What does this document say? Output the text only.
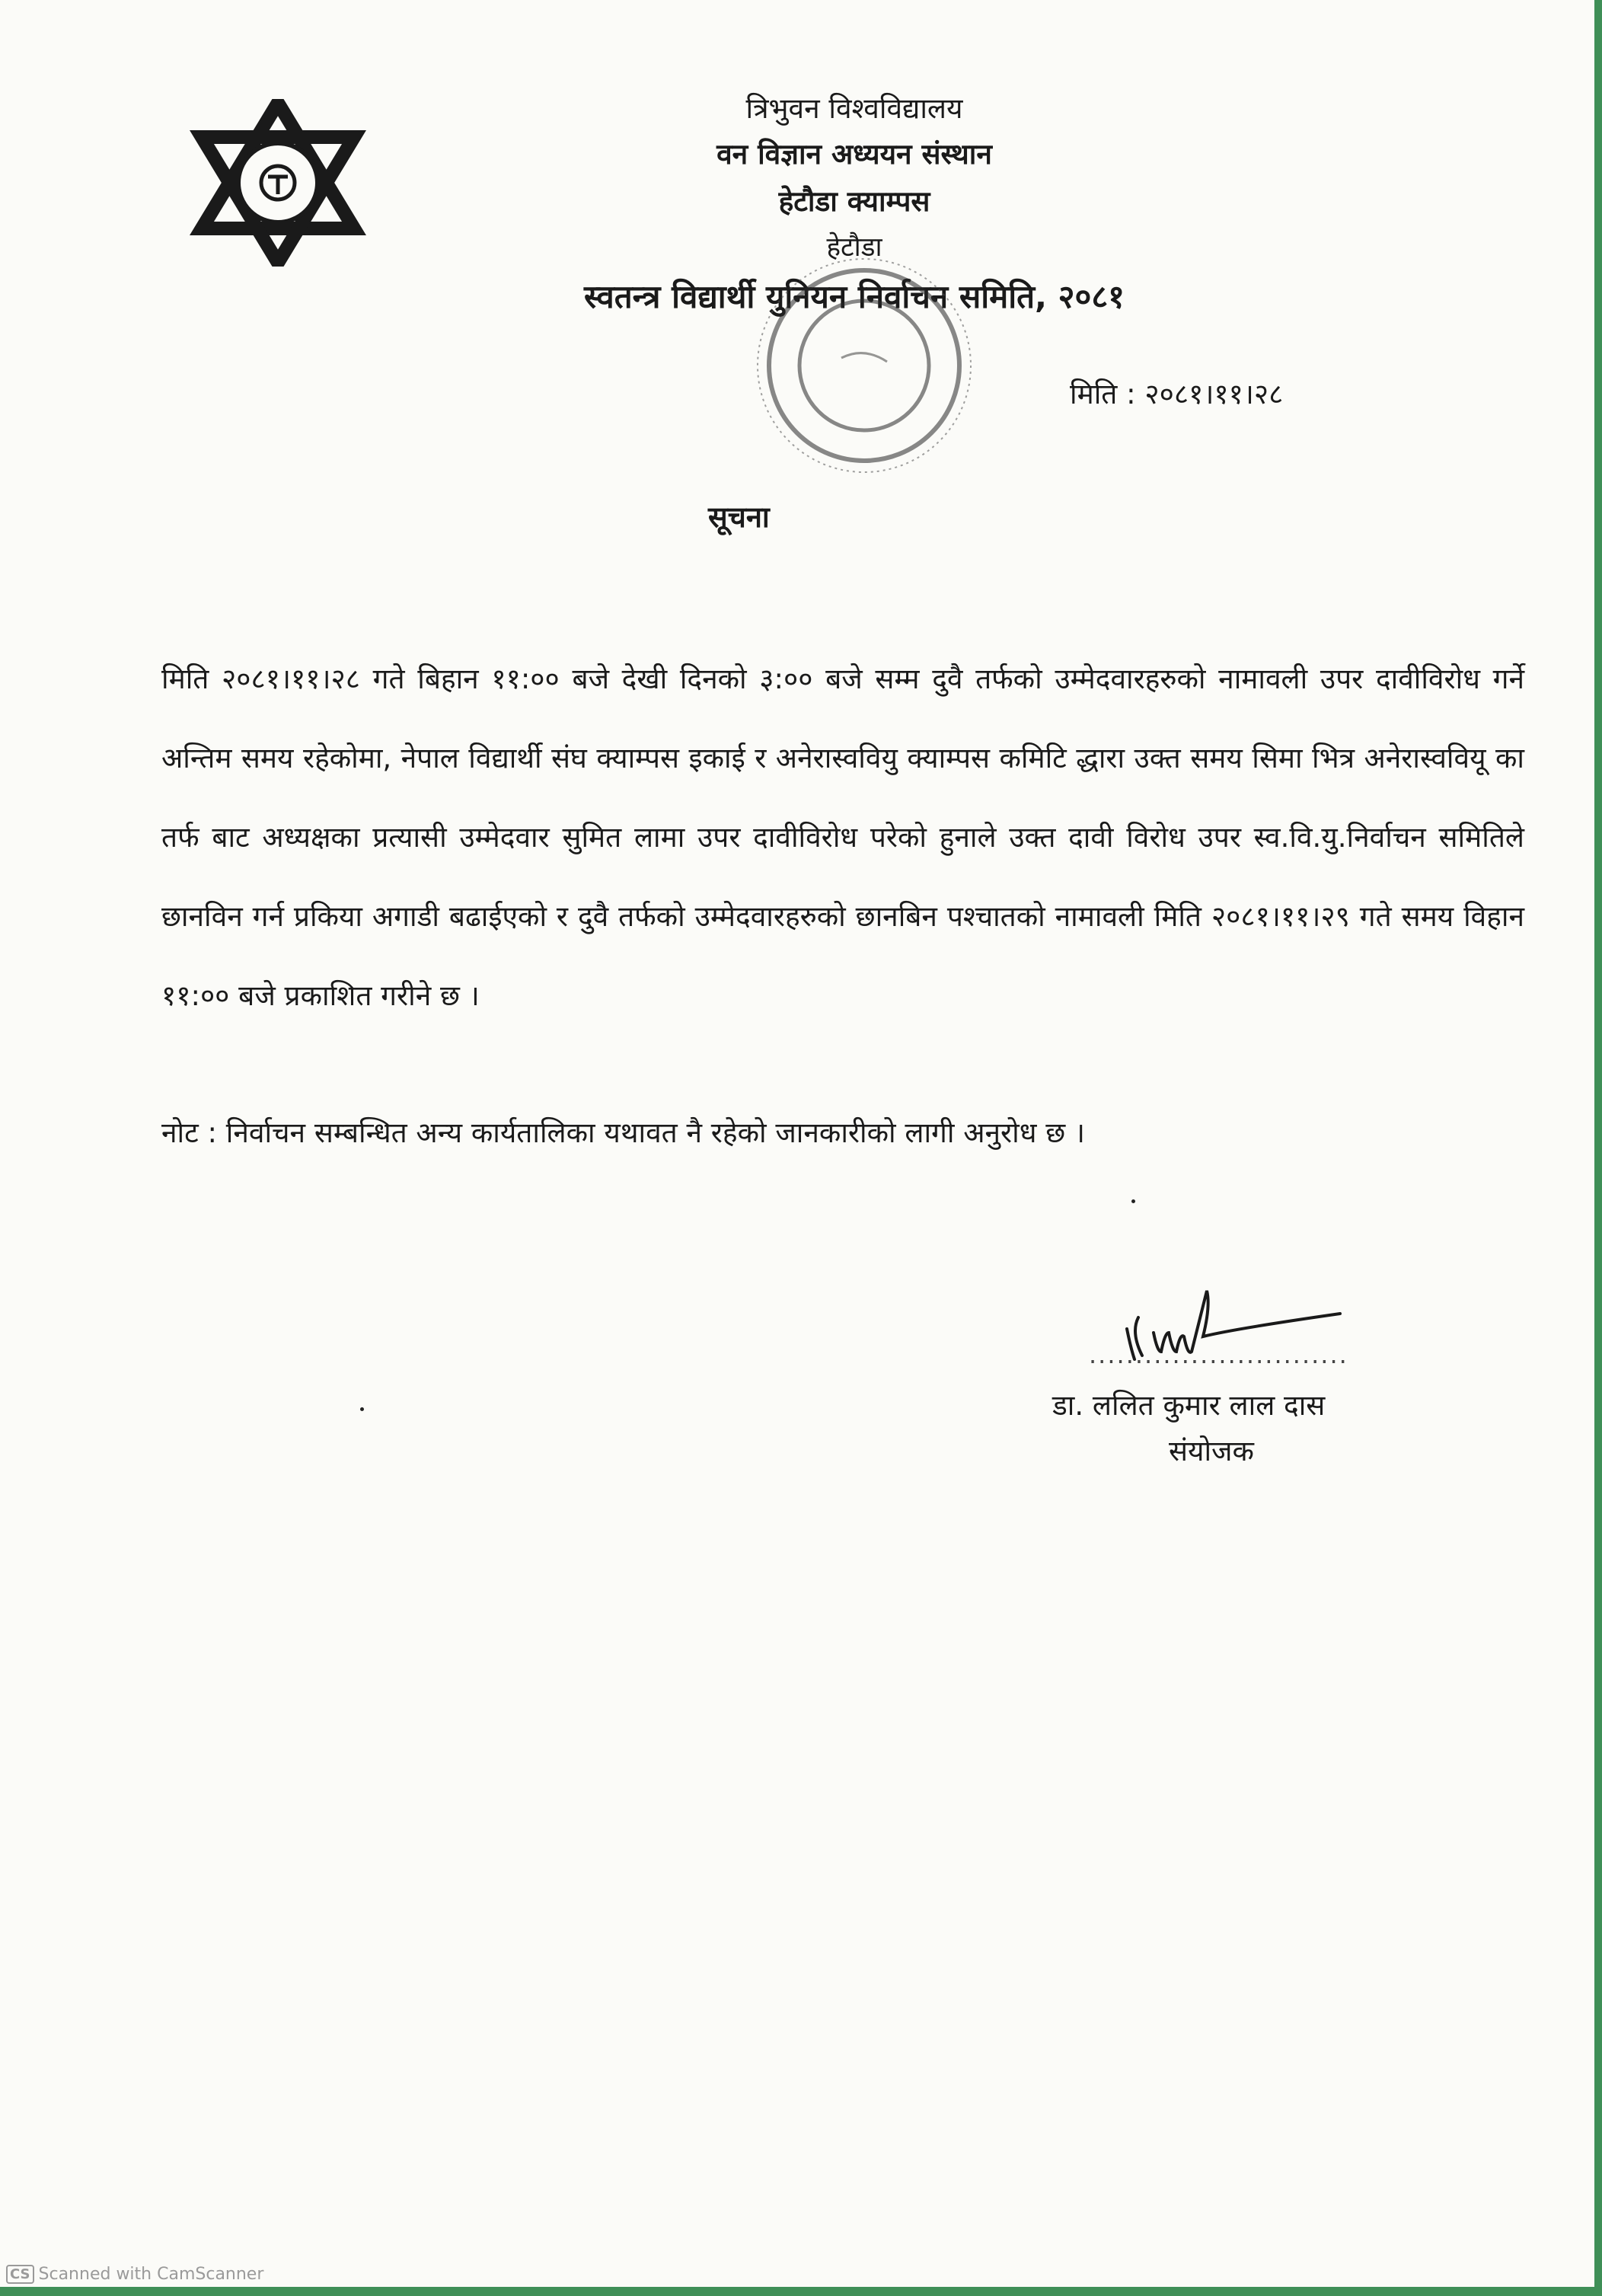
त्रिभुवन विश्वविद्यालय
वन विज्ञान अध्ययन संस्थान
हेटौडा क्याम्पस
हेटौडा
स्वतन्त्र विद्यार्थी युनियन निर्वाचन समिति, २०८१
मिति : २०८१।११।२८
सूचना
मिति २०८१।११।२८ गते बिहान ११:०० बजे देखी दिनको ३:०० बजे सम्म दुवै तर्फको उम्मेदवारहरुको नामावली उपर दावीविरोध गर्ने अन्तिम समय रहेकोमा, नेपाल विद्यार्थी संघ क्याम्पस इकाई र अनेरास्ववियु क्याम्पस कमिटि द्धारा उक्त समय सिमा भित्र अनेरास्ववियू का तर्फ बाट अध्यक्षका प्रत्यासी उम्मेदवार सुमित लामा उपर दावीविरोध परेको हुनाले उक्त दावी विरोध उपर स्व.वि.यु.निर्वाचन समितिले छानविन गर्न प्रकिया अगाडी बढाईएको र दुवै तर्फको उम्मेदवारहरुको छानबिन पश्चातको नामावली मिति २०८१।११।२९ गते समय विहान ११:०० बजे प्रकाशित गरीने छ ।
नोट : निर्वाचन सम्बन्धित अन्य कार्यतालिका यथावत नै रहेको जानकारीको लागी अनुरोध छ ।
............................
डा. ललित कुमार लाल दास
संयोजक
CS Scanned with CamScanner
